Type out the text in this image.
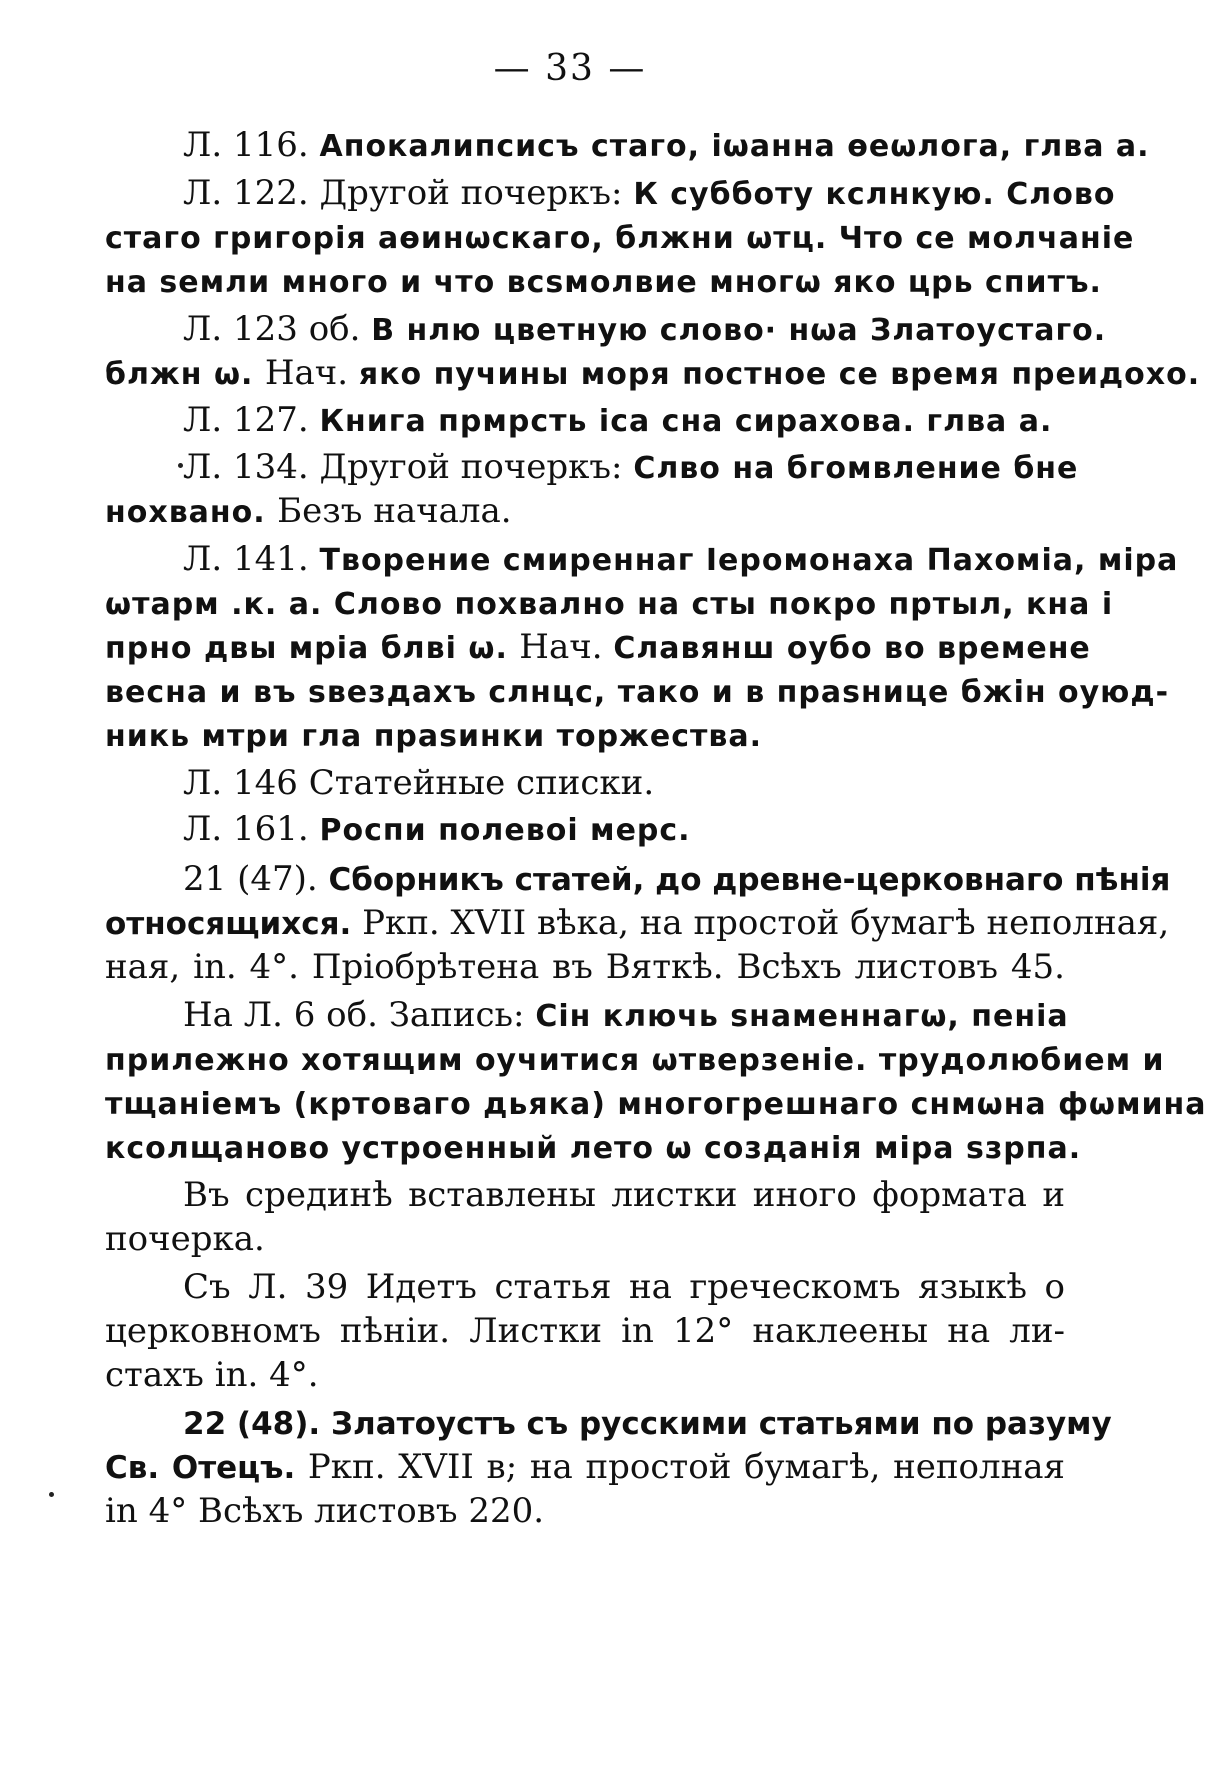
— 33 —
Л. 116. Апокалипсисъ стаго, іѡанна ѳеѡлога, глва а.
Л. 122. Другой почеркъ: К субботу кслнкую. Слово
стаго григорія аѳинѡскаго, блжни ѡтц. Что се молчаніе
на ѕемли много и что всѕмолвие многѡ яко црь спитъ.
Л. 123 об. В нлю цветную слово· нѡа Златоустаго.
блжн ѡ. Нач. яко пучины моря постное се время преидохо.
Л. 127. Книга прмрсть іса сна сирахова. глва а.
Л. 134. Другой почеркъ: Слво на бгомвление бне
нохвано. Безъ начала.
Л. 141. Творение смиреннаг Іеромонаха Пахоміа, міра
ѡтарм .к. а. Слово похвално на сты покро пртыл, кна і
прно двы мріа блві ѡ. Нач. Славянш оубо во времене
весна и въ ѕвездахъ слнцс, тако и в праѕнице бжін оуюд-
никь мтри гла праѕинки торжества.
Л. 146 Статейные списки.
Л. 161. Роспи полевоі мерс.
21 (47). Сборникъ статей, до древне-церковнаго пѣнія
относящихся. Ркп. XVII вѣка, на простой бумагѣ неполная,
ная, in. 4°. Пріобрѣтена въ Вяткѣ. Всѣхъ листовъ 45.
На Л. 6 об. Запись: Сін ключь ѕнаменнагѡ, пеніа
прилежно хотящим оучитися ѡтверзеніе. трудолюбием и
тщаніемъ (кртоваго дьяка) многогрешнаго снмѡна фѡмина
ксолщаново устроенный лето ѡ созданія міра ѕзрпа.
Въ срединѣ вставлены листки иного формата и
почерка.
Съ Л. 39 Идетъ статья на греческомъ языкѣ о
церковномъ пѣніи. Листки in 12° наклеены на ли-
стахъ in. 4°.
22 (48). Златоустъ съ русскими статьями по разуму
Св. Отецъ. Ркп. XVII в; на простой бумагѣ, неполная
in 4° Всѣхъ листовъ 220.
